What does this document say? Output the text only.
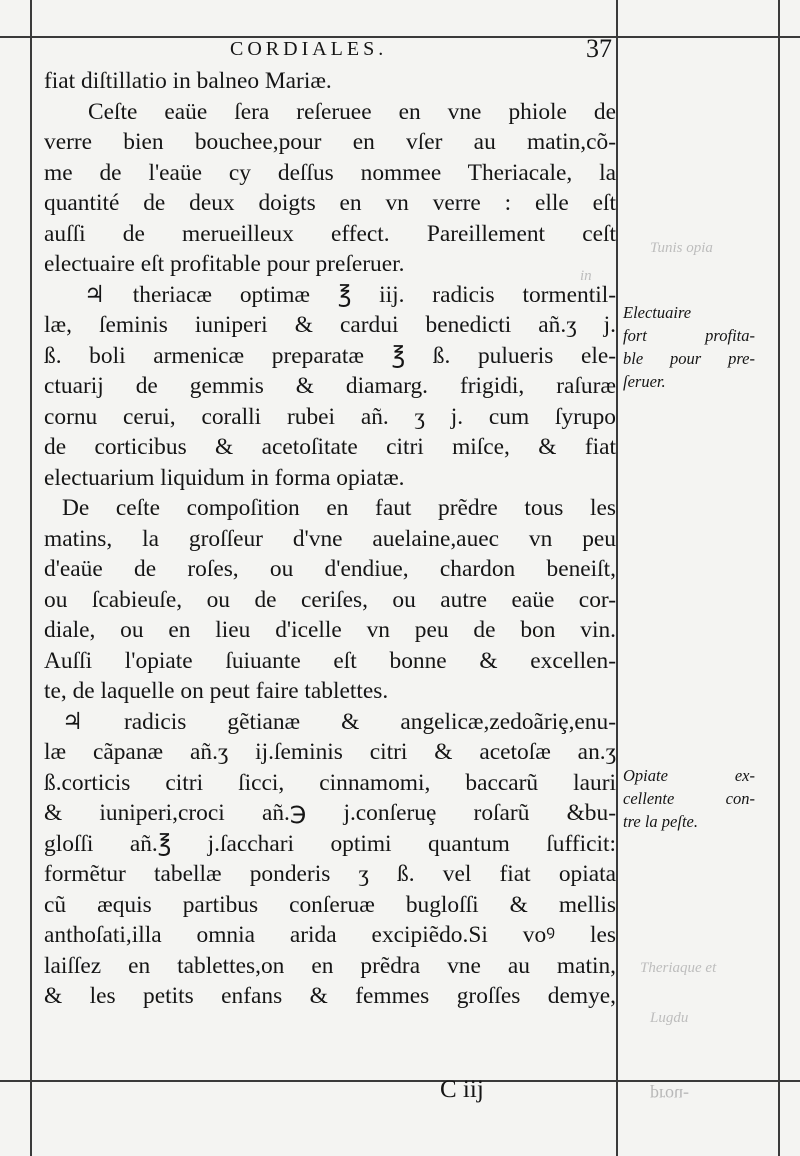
Tunis opia
in
Theriaque et
Lugdu
CORDIALES.	37
fiat diſtillatio in balneo Mariæ.
Ceſte eaüe ſera reſeruee en vne phiole de
verre bien bouchee,pour en vſer au matin,cõ-
me de l'eaüe cy deſſus nommee Theriacale, la
quantité de deux doigts en vn verre : elle eſt
auſſi de merueilleux effect. Pareillement ceſt
electuaire eſt profitable pour preſeruer.
♃ theriacæ optimæ ℥ iij. radicis tormentil-
læ, ſeminis iuniperi & cardui benedicti añ.ʒ j.
ß. boli armenicæ preparatæ ℥ ß. pulueris ele-
ctuarij de gemmis & diamarg. frigidi, raſuræ
cornu cerui, coralli rubei añ. ʒ j. cum ſyrupo
de corticibus & acetoſitate citri miſce, & fiat
electuarium liquidum in forma opiatæ.
De ceſte compoſition en faut prẽdre tous les
matins, la groſſeur d'vne auelaine,auec vn peu
d'eaüe de roſes, ou d'endiue, chardon beneiſt,
ou ſcabieuſe, ou de ceriſes, ou autre eaüe cor-
diale, ou en lieu d'icelle vn peu de bon vin.
Auſſi l'opiate ſuiuante eſt bonne & excellen-
te, de laquelle on peut faire tablettes.
♃ radicis gẽtianæ & angelicæ,zedoãriȩ,enu-
læ cãpanæ añ.ʒ ij.ſeminis citri & acetoſæ an.ʒ
ß.corticis citri ſicci, cinnamomi, baccarũ lauri
& iuniperi,croci añ.℈ j.conſeruȩ roſarũ &bu-
gloſſi añ.℥ j.ſacchari optimi quantum ſufficit:
formẽtur tabellæ ponderis ʒ ß. vel fiat opiata
cũ æquis partibus conſeruæ bugloſſi & mellis
anthoſati,illa omnia arida excipiẽdo.Si voꝰ les
laiſſez en tablettes,on en prẽdra vne au matin,
& les petits enfans & femmes groſſes demye,
Electuaire
fort profita-
ble pour pre-
ſeruer.
Opiate ex-
cellente con-
tre la peſte.
C iij	prou-
